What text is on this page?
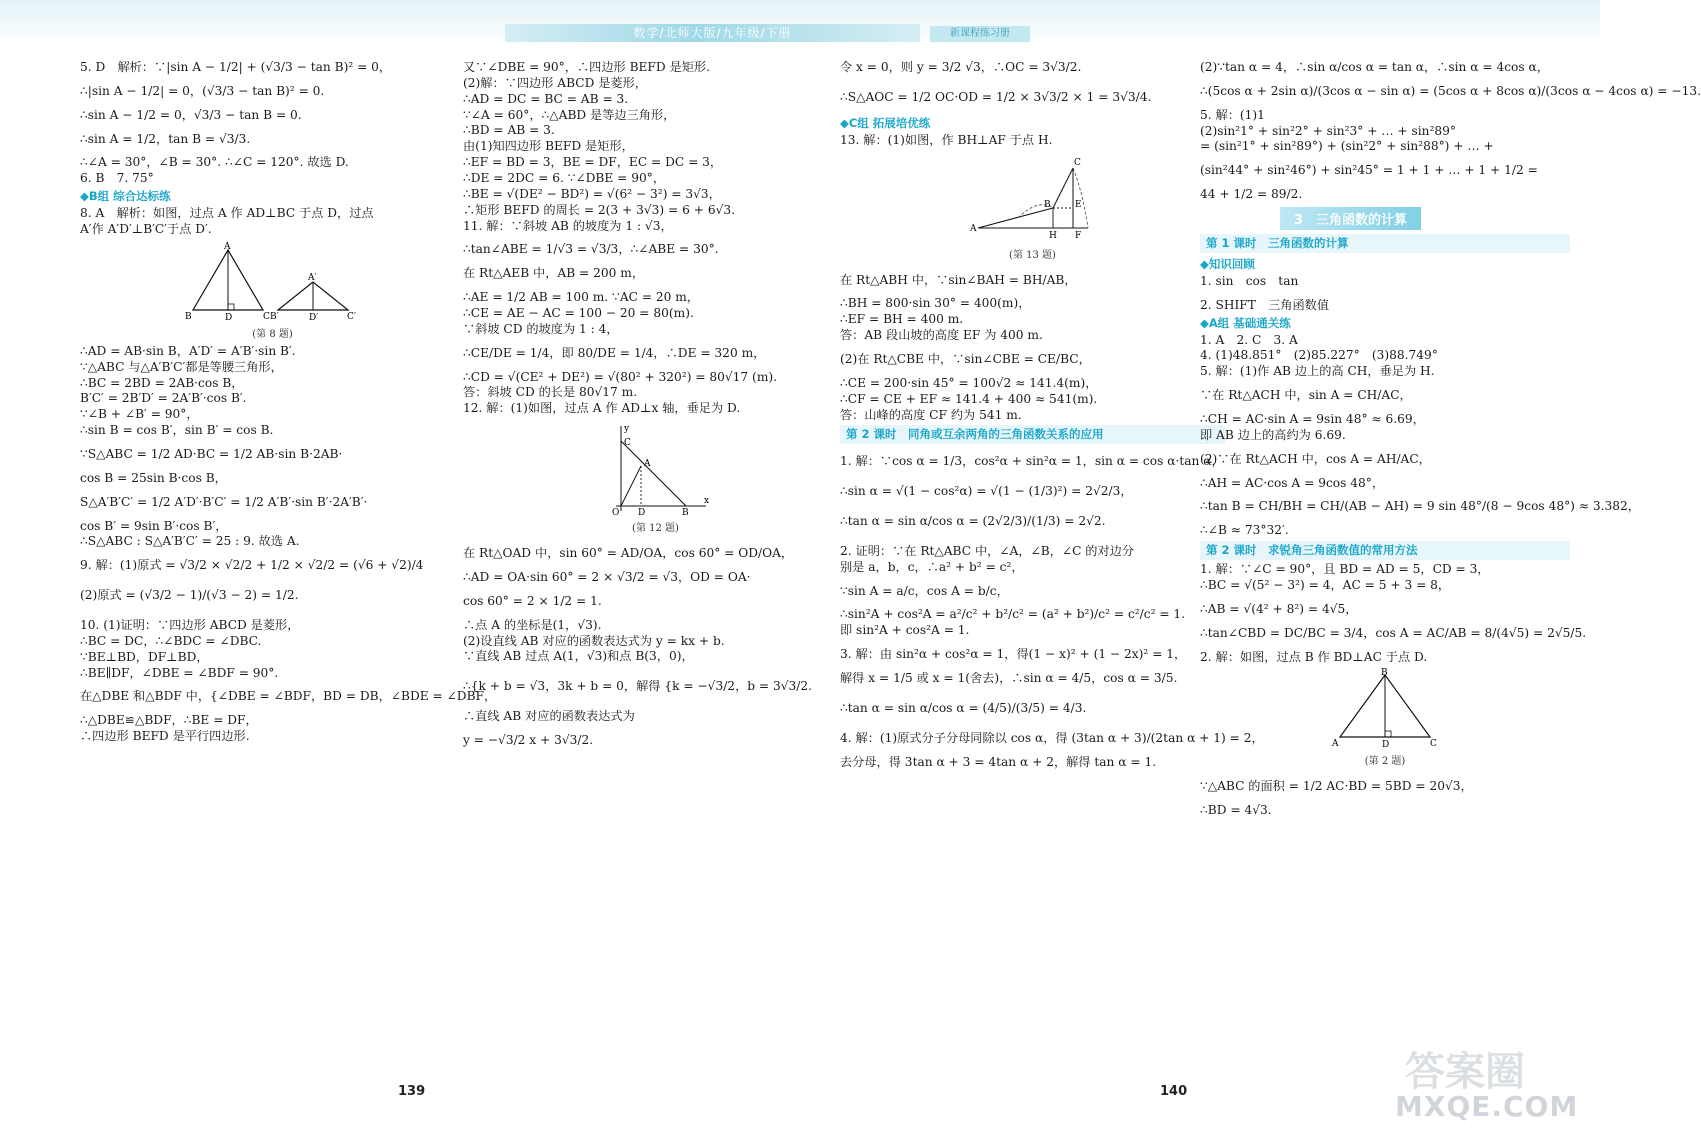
数学/北师大版/九年级/下册	新课程练习册

5. D　解析：∵|sin A − 1/2| + (√3/3 − tan B)² = 0，

∴|sin A − 1/2| = 0，(√3/3 − tan B)² = 0.

∴sin A − 1/2 = 0，√3/3 − tan B = 0.

∴sin A = 1/2，tan B = √3/3.

∴∠A = 30°，∠B = 30°. ∴∠C = 120°. 故选 D.

6. B　7. 75°

◆B组 综合达标练

8. A　解析：如图，过点 A 作 AD⊥BC 于点 D，过点

A′作 A′D′⊥B′C′于点 D′.

A
B	D	C
A′
B′	D′	C′
(第 8 题)

∴AD = AB·sin B，A′D′ = A′B′·sin B′.

∵△ABC 与△A′B′C′都是等腰三角形，

∴BC = 2BD = 2AB·cos B，

B′C′ = 2B′D′ = 2A′B′·cos B′.

∵∠B + ∠B′ = 90°，

∴sin B = cos B′，sin B′ = cos B.

∵S△ABC = 1/2 AD·BC = 1/2 AB·sin B·2AB·

cos B = 25sin B·cos B，

S△A′B′C′ = 1/2 A′D′·B′C′ = 1/2 A′B′·sin B′·2A′B′·

cos B′ = 9sin B′·cos B′，

∴S△ABC : S△A′B′C′ = 25 : 9. 故选 A.

9. 解：(1)原式 = √3/2 × √2/2 + 1/2 × √2/2 = (√6 + √2)/4

(2)原式 = (√3/2 − 1)/(√3 − 2) = 1/2.

10. (1)证明：∵四边形 ABCD 是菱形，

∴BC = DC，∴∠BDC = ∠DBC.

∵BE⊥BD，DF⊥BD，

∴BE∥DF，∠DBE = ∠BDF = 90°.

在△DBE 和△BDF 中，{∠DBE = ∠BDF，BD = DB，∠BDE = ∠DBF，

∴△DBE≌△BDF，∴BE = DF，

∴四边形 BEFD 是平行四边形.

又∵∠DBE = 90°，∴四边形 BEFD 是矩形.

(2)解：∵四边形 ABCD 是菱形，

∴AD = DC = BC = AB = 3.

∵∠A = 60°，∴△ABD 是等边三角形，

∴BD = AB = 3.

由(1)知四边形 BEFD 是矩形，

∴EF = BD = 3，BE = DF，EC = DC = 3，

∴DE = 2DC = 6. ∵∠DBE = 90°，

∴BE = √(DE² − BD²) = √(6² − 3²) = 3√3，

∴矩形 BEFD 的周长 = 2(3 + 3√3) = 6 + 6√3.

11. 解：∵斜坡 AB 的坡度为 1 : √3，

∴tan∠ABE = 1/√3 = √3/3，∴∠ABE = 30°.

在 Rt△AEB 中，AB = 200 m，

∴AE = 1/2 AB = 100 m. ∵AC = 20 m，

∴CE = AE − AC = 100 − 20 = 80(m).

∵斜坡 CD 的坡度为 1 : 4，

∴CE/DE = 1/4，即 80/DE = 1/4，∴DE = 320 m，

∴CD = √(CE² + DE²) = √(80² + 320²) = 80√17 (m).

答：斜坡 CD 的长是 80√17 m.

12. 解：(1)如图，过点 A 作 AD⊥x 轴，垂足为 D.

y
C
A
O D	B
x
(第 12 题)

在 Rt△OAD 中，sin 60° = AD/OA，cos 60° = OD/OA，

∴AD = OA·sin 60° = 2 × √3/2 = √3，OD = OA·

cos 60° = 2 × 1/2 = 1.

∴点 A 的坐标是(1，√3).

(2)设直线 AB 对应的函数表达式为 y = kx + b.

∵直线 AB 过点 A(1，√3)和点 B(3，0)，

∴{k + b = √3，3k + b = 0，解得 {k = −√3/2，b = 3√3/2.

∴直线 AB 对应的函数表达式为

y = −√3/2 x + 3√3/2.

令 x = 0，则 y = 3/2 √3，∴OC = 3√3/2.

∴S△AOC = 1/2 OC·OD = 1/2 × 3√3/2 × 1 = 3√3/4.

◆C组 拓展培优练

13. 解：(1)如图，作 BH⊥AF 于点 H.

C
A
H
E
B
F
(第 13 题)

在 Rt△ABH 中，∵sin∠BAH = BH/AB，

∴BH = 800·sin 30° = 400(m)，

∴EF = BH = 400 m.

答：AB 段山坡的高度 EF 为 400 m.

(2)在 Rt△CBE 中，∵sin∠CBE = CE/BC，

∴CE = 200·sin 45° = 100√2 ≈ 141.4(m)，

∴CF = CE + EF ≈ 141.4 + 400 ≈ 541(m).

答：山峰的高度 CF 约为 541 m.

第 2 课时　同角或互余两角的三角函数关系的应用

1. 解：∵cos α = 1/3，cos²α + sin²α = 1，sin α = cos α·tan α，

∴sin α = √(1 − cos²α) = √(1 − (1/3)²) = 2√2/3，

∴tan α = sin α/cos α = (2√2/3)/(1/3) = 2√2.

2. 证明：∵在 Rt△ABC 中，∠A，∠B，∠C 的对边分

别是 a，b，c，∴a² + b² = c²，

∵sin A = a/c，cos A = b/c，

∴sin²A + cos²A = a²/c² + b²/c² = (a² + b²)/c² = c²/c² = 1.

即 sin²A + cos²A = 1.

3. 解：由 sin²α + cos²α = 1，得(1 − x)² + (1 − 2x)² = 1，

解得 x = 1/5 或 x = 1(舍去)，∴sin α = 4/5，cos α = 3/5.

∴tan α = sin α/cos α = (4/5)/(3/5) = 4/3.

4. 解：(1)原式分子分母同除以 cos α，得 (3tan α + 3)/(2tan α + 1) = 2，

去分母，得 3tan α + 3 = 4tan α + 2，解得 tan α = 1.

(2)∵tan α = 4，∴sin α/cos α = tan α，∴sin α = 4cos α，

∴(5cos α + 2sin α)/(3cos α − sin α) = (5cos α + 8cos α)/(3cos α − 4cos α) = −13.

5. 解：(1)1

(2)sin²1° + sin²2° + sin²3° + … + sin²89°

= (sin²1° + sin²89°) + (sin²2° + sin²88°) + … +

(sin²44° + sin²46°) + sin²45° = 1 + 1 + … + 1 + 1/2 =

44 + 1/2 = 89/2.

3　三角函数的计算

第 1 课时　三角函数的计算

◆知识回顾

1. sin　cos　tan

2. SHIFT　三角函数值

◆A组 基础通关练

1. A　2. C　3. A

4. (1)48.851°　(2)85.227°　(3)88.749°

5. 解：(1)作 AB 边上的高 CH，垂足为 H.

∵在 Rt△ACH 中，sin A = CH/AC，

∴CH = AC·sin A = 9sin 48° ≈ 6.69，

即 AB 边上的高约为 6.69.

(2)∵在 Rt△ACH 中，cos A = AH/AC，

∴AH = AC·cos A = 9cos 48°，

∴tan B = CH/BH = CH/(AB − AH) = 9 sin 48°/(8 − 9cos 48°) ≈ 3.382，

∴∠B ≈ 73°32′.

第 2 课时　求锐角三角函数值的常用方法

1. 解：∵∠C = 90°，且 BD = AD = 5，CD = 3，

∴BC = √(5² − 3²) = 4，AC = 5 + 3 = 8，

∴AB = √(4² + 8²) = 4√5，

∴tan∠CBD = DC/BC = 3/4，cos A = AC/AB = 8/(4√5) = 2√5/5.

2. 解：如图，过点 B 作 BD⊥AC 于点 D.

B
A	D	C
(第 2 题)

∵△ABC 的面积 = 1/2 AC·BD = 5BD = 20√3，

∴BD = 4√3.

139	140	答案圈
MXQE.COM
